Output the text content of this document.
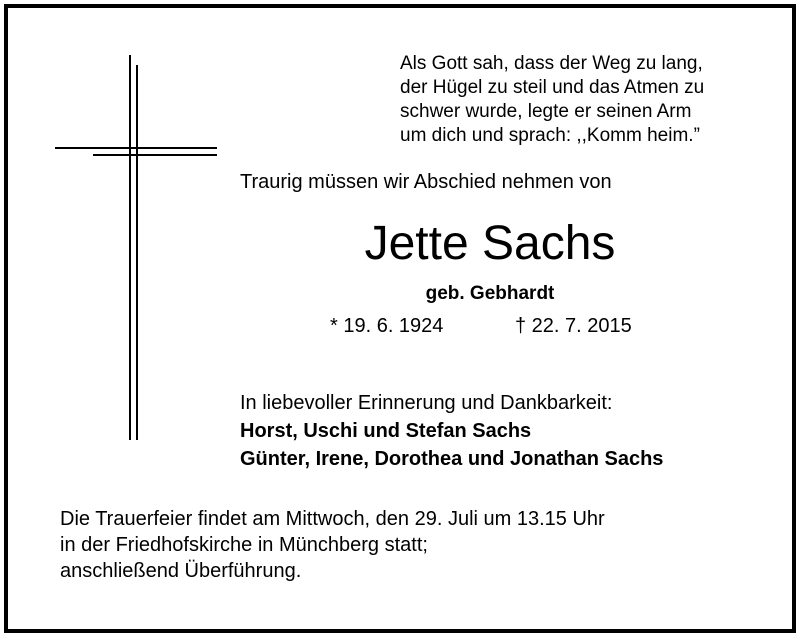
Als Gott sah, dass der Weg zu lang,
der Hügel zu steil und das Atmen zu
schwer wurde, legte er seinen Arm
um dich und sprach: ,,Komm heim.”
Traurig müssen wir Abschied nehmen von
Jette Sachs
geb. Gebhardt
* 19. 6. 1924	† 22. 7. 2015
In liebevoller Erinnerung und Dankbarkeit:
Horst, Uschi und Stefan Sachs
Günter, Irene, Dorothea und Jonathan Sachs
Die Trauerfeier findet am Mittwoch, den 29. Juli um 13.15 Uhr
in der Friedhofskirche in Münchberg statt;
anschließend Überführung.
